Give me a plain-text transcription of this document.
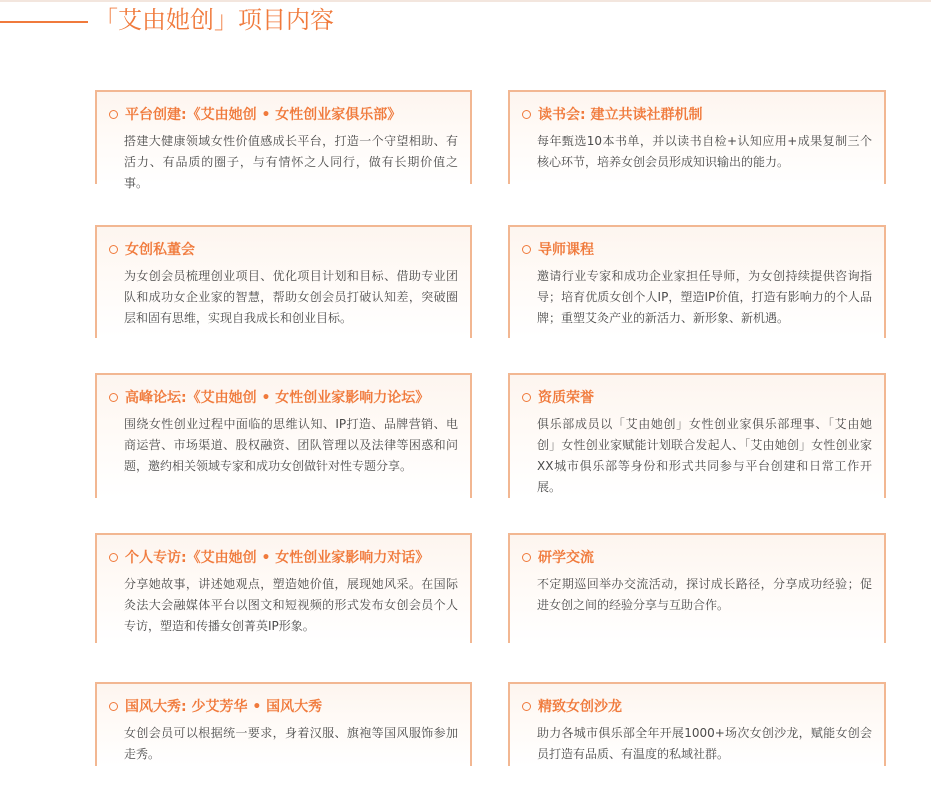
「艾由她创」项目内容
平台创建:《艾由她创 • 女性创业家俱乐部》
搭建大健康领域女性价值感成长平台，打造一个守望相助、有活力、有品质的圈子，与有情怀之人同行，做有长期价值之事。
读书会: 建立共读社群机制
每年甄选10本书单，并以读书自检+认知应用+成果复制三个核心环节，培养女创会员形成知识输出的能力。
女创私董会
为女创会员梳理创业项目、优化项目计划和目标、借助专业团队和成功女企业家的智慧，帮助女创会员打破认知差，突破圈层和固有思维，实现自我成长和创业目标。
导师课程
邀请行业专家和成功企业家担任导师，为女创持续提供咨询指导；培育优质女创个人IP，塑造IP价值，打造有影响力的个人品牌；重塑艾灸产业的新活力、新形象、新机遇。
高峰论坛:《艾由她创 • 女性创业家影响力论坛》
围绕女性创业过程中面临的思维认知、IP打造、品牌营销、电商运营、市场渠道、股权融资、团队管理以及法律等困惑和问题，邀约相关领域专家和成功女创做针对性专题分享。
资质荣誉
俱乐部成员以「艾由她创」女性创业家俱乐部理事、「艾由她创」女性创业家赋能计划联合发起人、「艾由她创」女性创业家XX城市俱乐部等身份和形式共同参与平台创建和日常工作开展。
个人专访:《艾由她创 • 女性创业家影响力对话》
分享她故事，讲述她观点，塑造她价值，展现她风采。在国际灸法大会融媒体平台以图文和短视频的形式发布女创会员个人专访，塑造和传播女创菁英IP形象。
研学交流
不定期巡回举办交流活动，探讨成长路径，分享成功经验；促进女创之间的经验分享与互助合作。
国风大秀: 少艾芳华 • 国风大秀
女创会员可以根据统一要求，身着汉服、旗袍等国风服饰参加走秀。
精致女创沙龙
助力各城市俱乐部全年开展1000+场次女创沙龙，赋能女创会员打造有品质、有温度的私域社群。
